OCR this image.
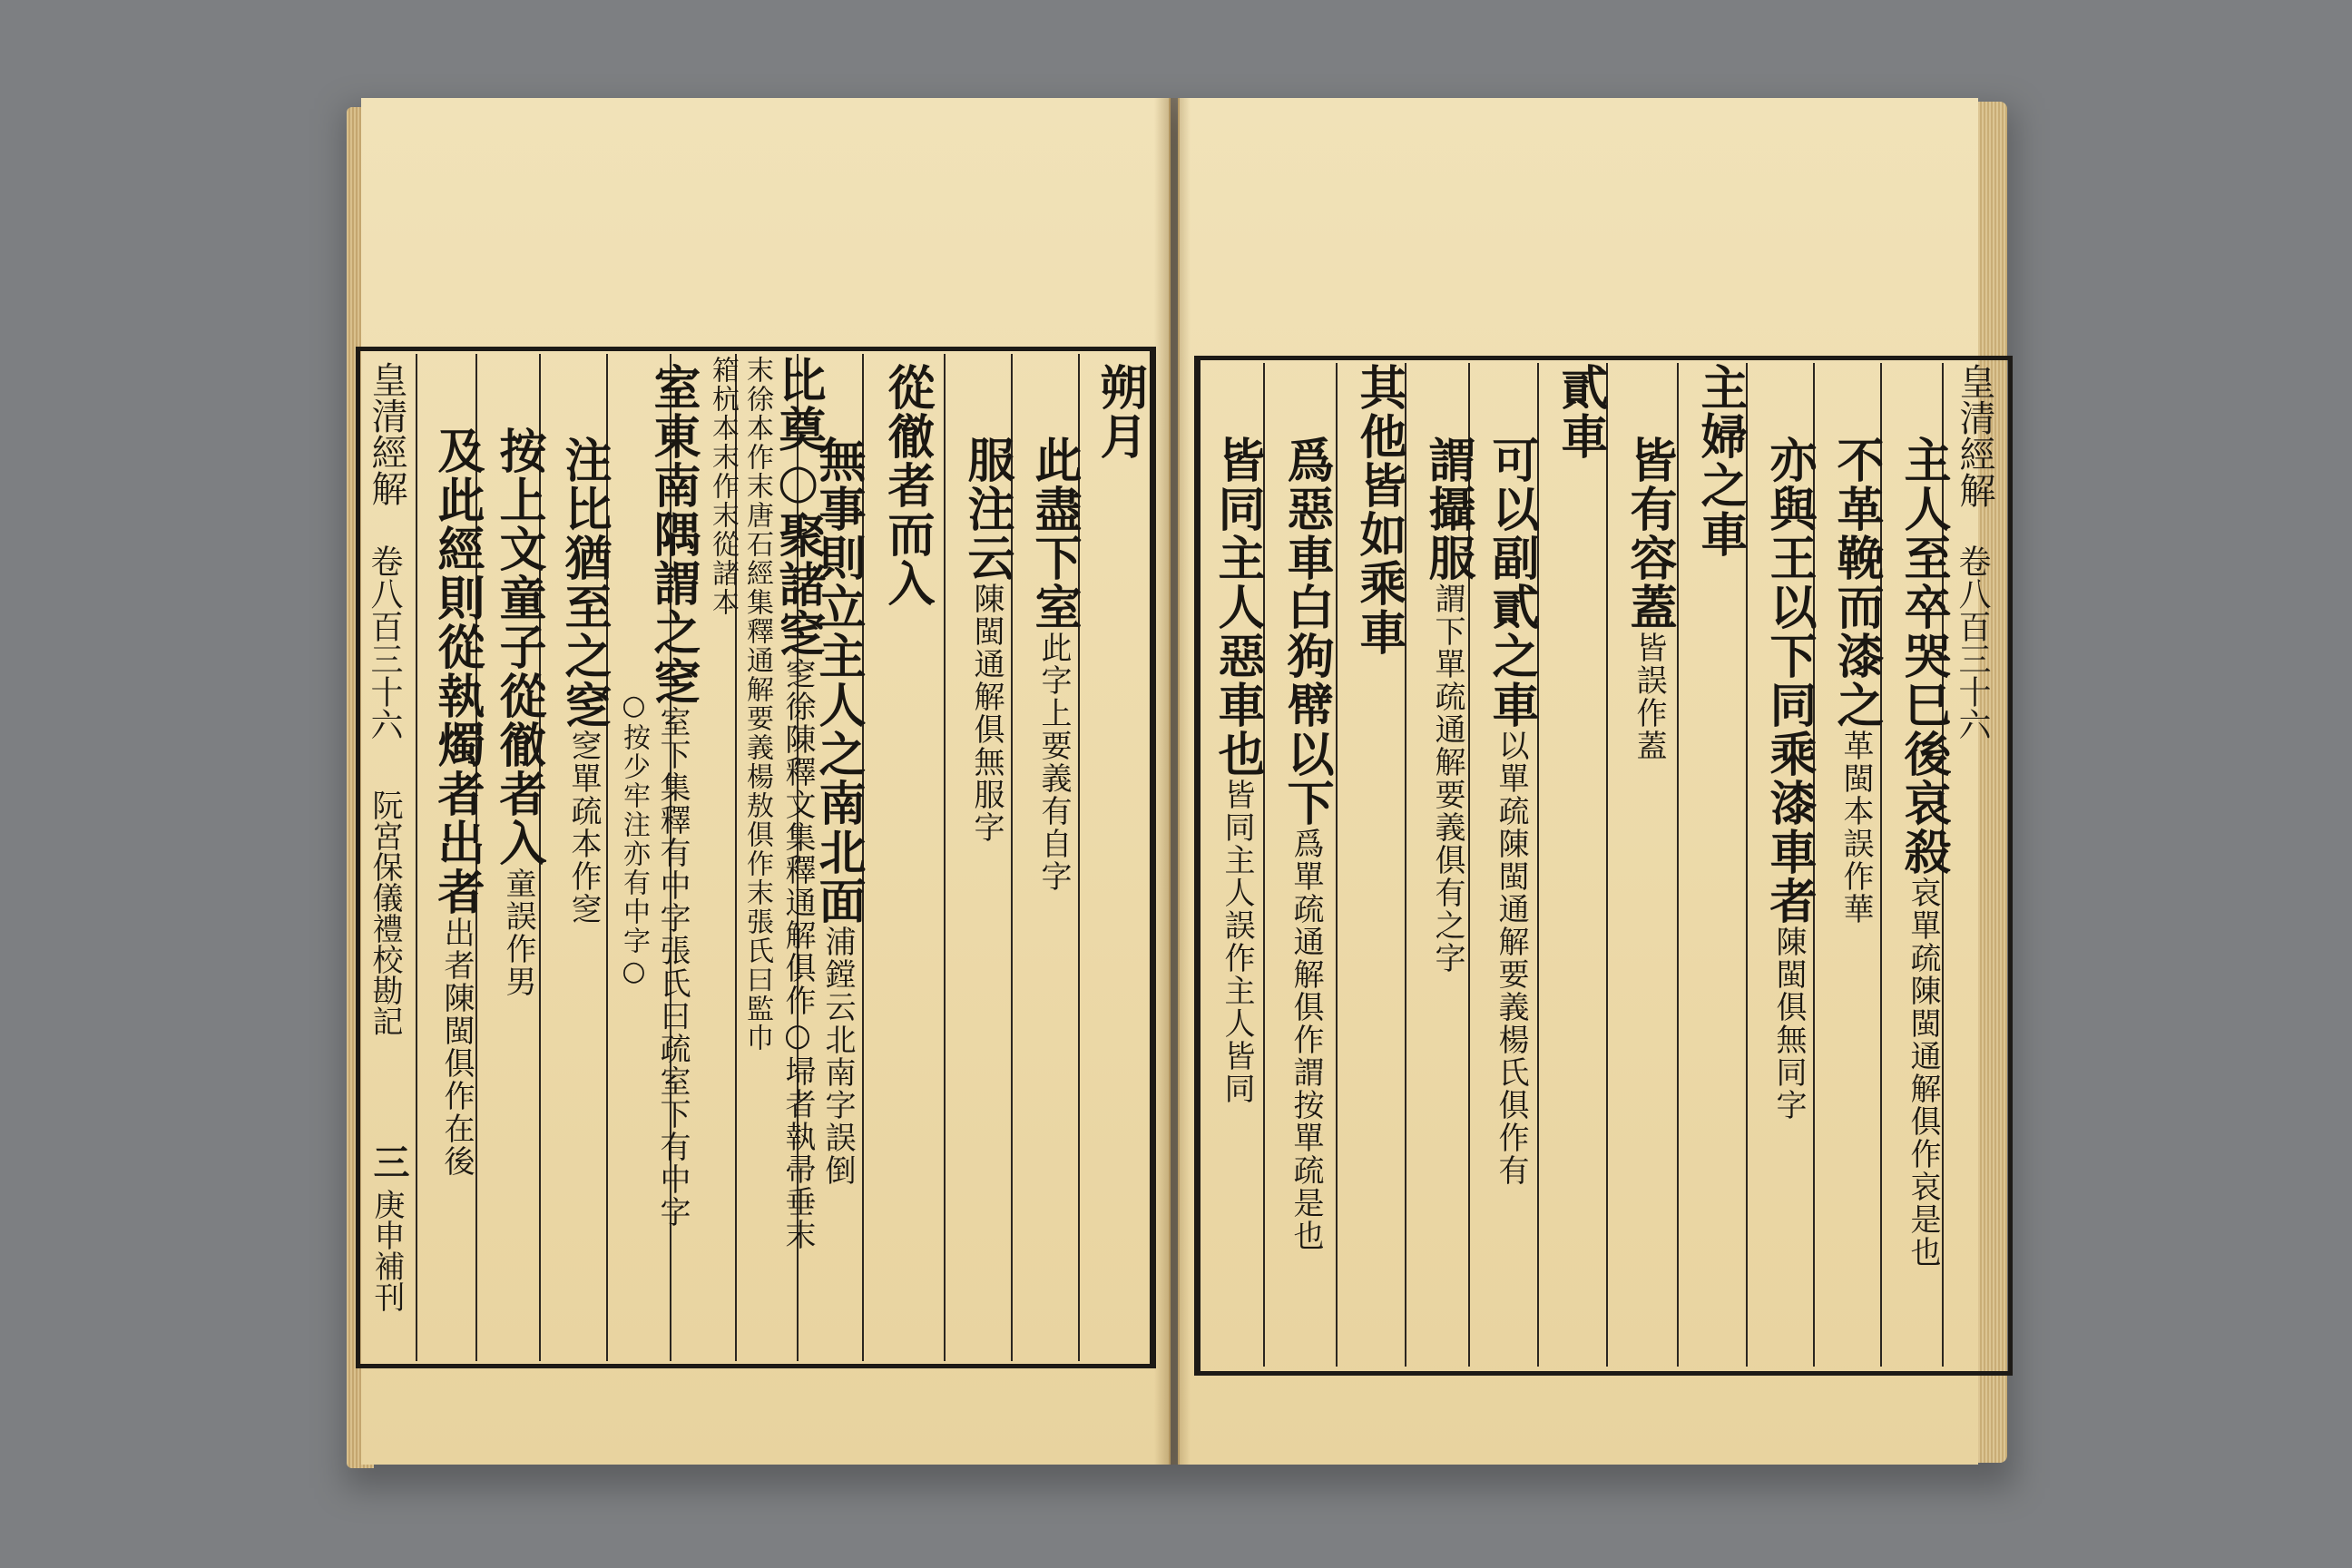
皇清經解
卷八百三十六
阮宮保儀禮校勘記
三
庚申補刊
朔月
此盡下室此字上要義有自字
服注云陳閩通解俱無服字
從徹者而入
無事則立主人之南北面浦鏜云北南字誤倒
比奠○聚諸窆窆徐陳釋文集釋通解俱作○埽者執帚垂末
末徐本作末唐石經集釋通解要義楊敖俱作末張氏曰監巾
箱杭本末作末從諸本
室東南隅謂之窆室下集釋有中字張氏曰疏室下有中字
○按少牢注亦有中字○
注比猶至之窆窆單疏本作窆
按上文童子從徹者入童誤作男
及此經則從執燭者出者出者陳閩俱作在後
皇清經解
卷八百三十六
主人至卒哭巳後哀殺哀單疏陳閩通解俱作哀是也
不革鞔而漆之革閩本誤作華
亦與王以下同乘漆車者陳閩俱無同字
主婦之車
皆有容蓋皆誤作蓋
貳車
可以副貳之車以單疏陳閩通解要義楊氏俱作有
謂攝服謂下單疏通解要義俱有之字
其他皆如乘車
爲惡車白狗幦以下爲單疏通解俱作謂按單疏是也
皆同主人惡車也皆同主人誤作主人皆同
